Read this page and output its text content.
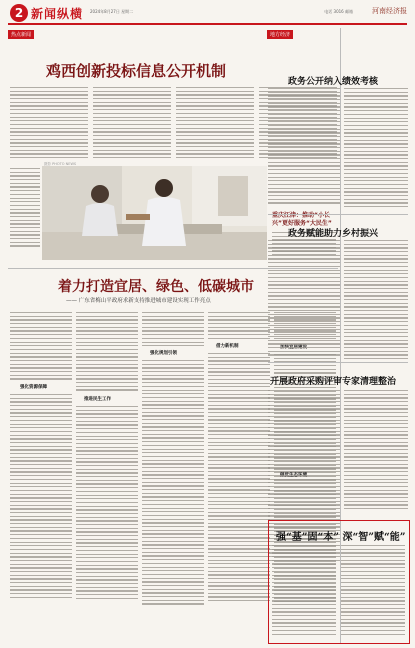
2 新闻纵横 2024年8月27日 星期二	电话 3016 邮箱	河南经济报
热点新闻	地方经济
鸡西创新投标信息公开机制
摄影 PHOTO NEWS
重庆江津：推动“小长兴”更好服务“大民生”
着力打造宜居、绿色、低碳城市
—— 广东省梅山平政府求新支持推进城市建设实现工作亮点
强化资源保障
推进民生工作
强化规划引领
借力新机制
政务公开纳入绩效考核
政务赋能助力乡村振兴
开展政府采购评审专家清理整治
强“基”固“本” 深“智”赋“能”
